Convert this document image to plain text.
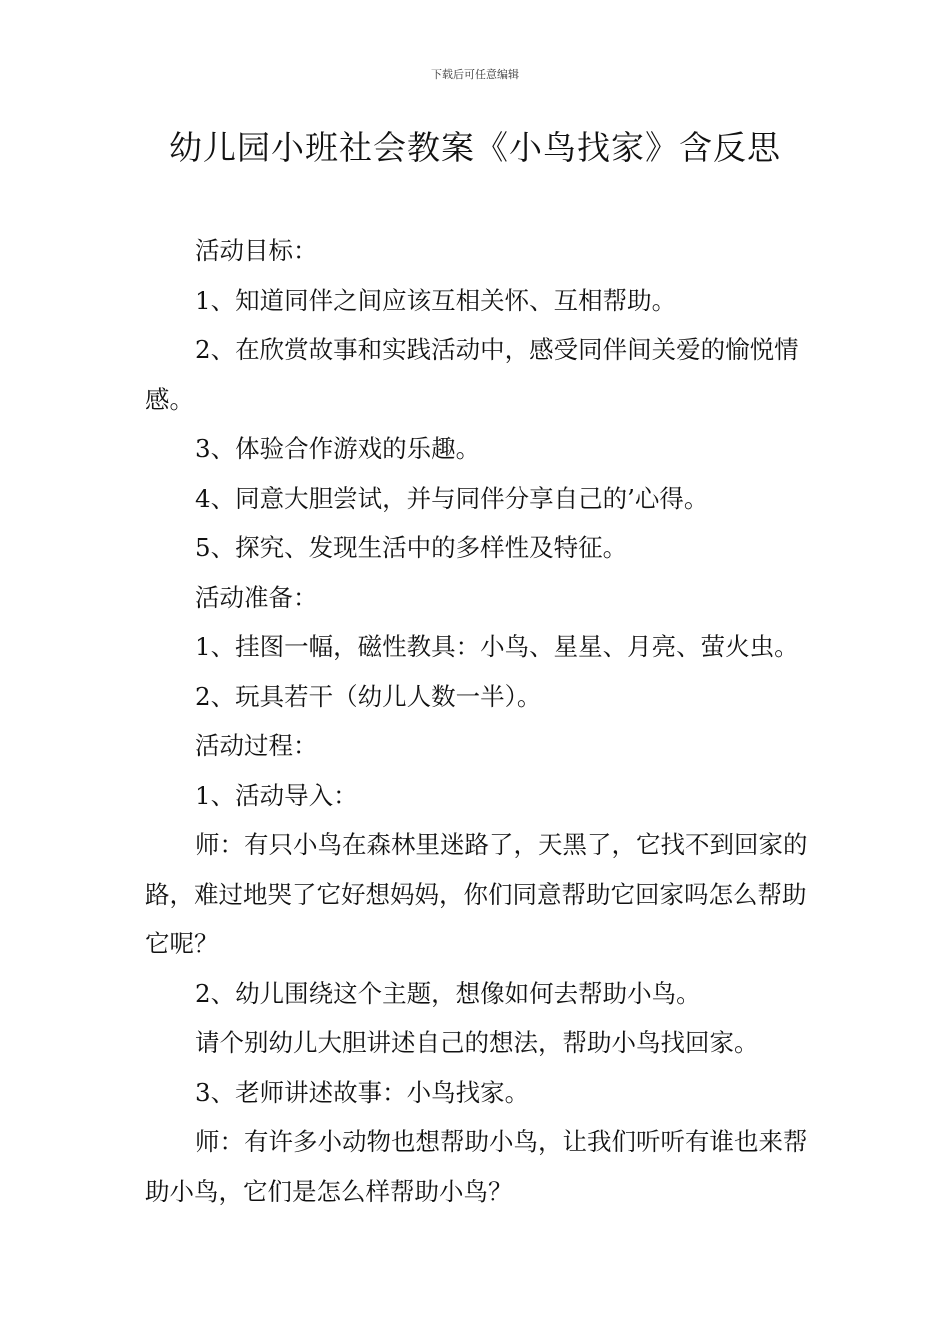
下载后可任意编辑
幼儿园小班社会教案《小鸟找家》含反思

活动目标：

1、知道同伴之间应该互相关怀、互相帮助。

2、在欣赏故事和实践活动中，感受同伴间关爱的愉悦情感。

3、体验合作游戏的乐趣。

4、同意大胆尝试，并与同伴分享自己的’心得。

5、探究、发现生活中的多样性及特征。

活动准备：

1、挂图一幅，磁性教具：小鸟、星星、月亮、萤火虫。

2、玩具若干（幼儿人数一半）。

活动过程：

1、活动导入：

师：有只小鸟在森林里迷路了，天黑了，它找不到回家的路，难过地哭了它好想妈妈，你们同意帮助它回家吗怎么帮助它呢？

2、幼儿围绕这个主题，想像如何去帮助小鸟。

请个别幼儿大胆讲述自己的想法，帮助小鸟找回家。

3、老师讲述故事：小鸟找家。

师：有许多小动物也想帮助小鸟，让我们听听有谁也来帮助小鸟，它们是怎么样帮助小鸟？
